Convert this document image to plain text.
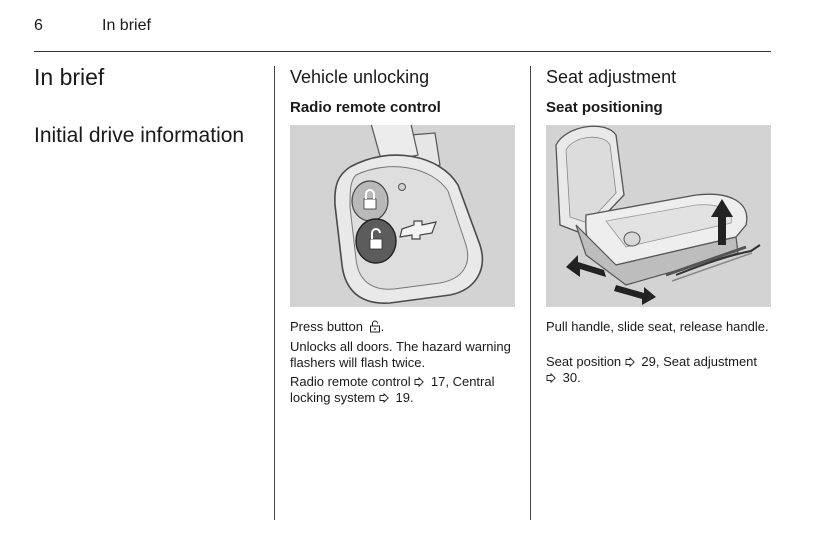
6	In brief
In brief
Initial drive information
Vehicle unlocking
Radio remote control

Press button
.

Unlocks all doors. The hazard warning flashers will flash twice.

Radio remote control
17, Central locking system
19.

Seat adjustment
Seat positioning

Pull handle, slide seat, release handle.

Seat position
29, Seat adjustment
30.
